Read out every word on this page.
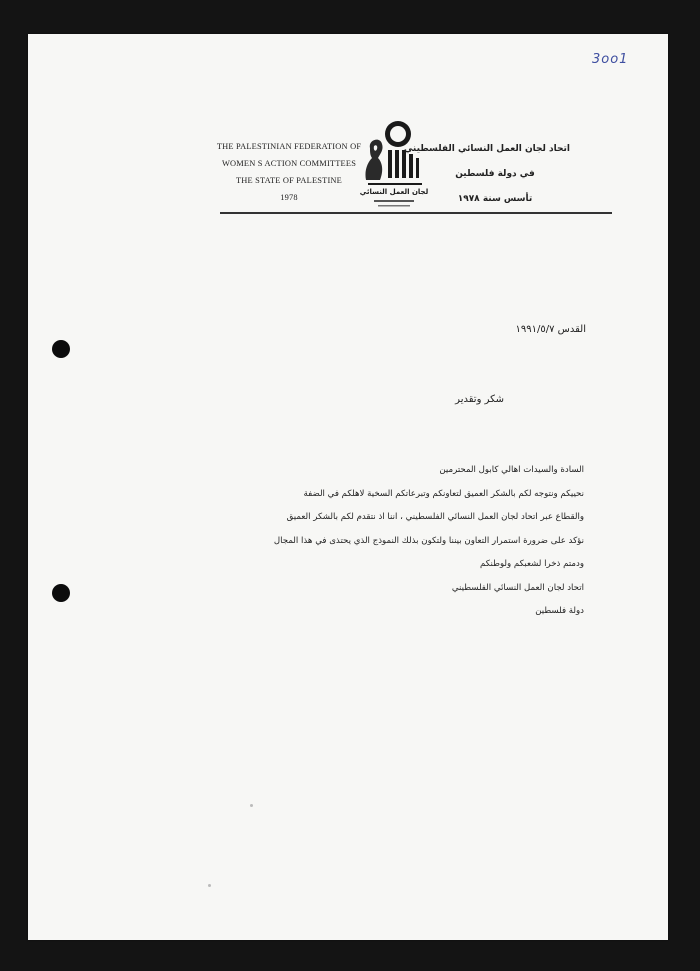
3oo1
THE PALESTINIAN FEDERATION OF
WOMEN S ACTION COMMITTEES
THE STATE OF PALESTINE
1978
لجان العمل النسائي
اتحاد لجان العمل النسائي الفلسطيني
في دولة فلسطين
تأسس سنة ١٩٧٨
القدس ١٩٩١/٥/٧
شكر وتقدير
السادة والسيدات اهالي كابول المحترمين
نحييكم ونتوجه لكم بالشكر العميق لتعاونكم وتبرعاتكم السخية لاهلكم في الضفة
والقطاع عبر اتحاد لجان العمل النسائي الفلسطيني ، اننا اذ نتقدم لكم بالشكر العميق
نؤكد على ضرورة استمرار التعاون بيننا ولتكون بذلك النموذج الذي يحتذى في هذا المجال
ودمتم ذخرا لشعبكم ولوطنكم
اتحاد لجان العمل النسائي الفلسطيني
دولة فلسطين
